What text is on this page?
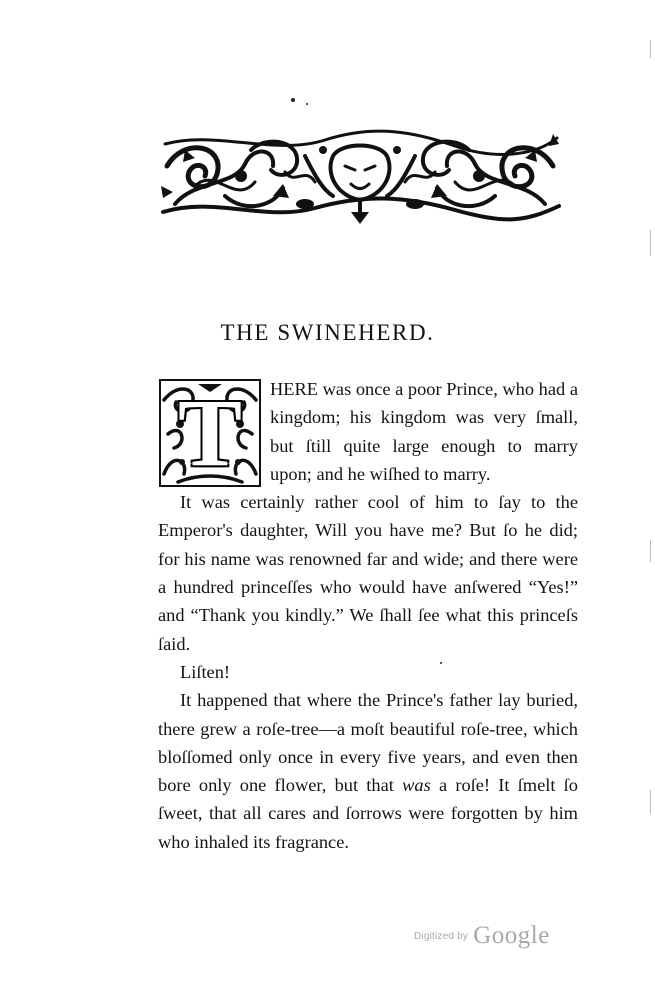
THE SWINEHERD.
T	HERE was once a poor Prince, who had a kingdom; his kingdom was very ſmall, but ſtill quite large enough to marry upon; and he wiſhed to marry.

It was certainly rather cool of him to ſay to the Emperor's daughter, Will you have me? But ſo he did; for his name was renowned far and wide; and there were a hundred princeſſes who would have anſwered “Yes!” and “Thank you kindly.” We ſhall ſee what this princeſs ſaid.

Liſten!

It happened that where the Prince's father lay buried, there grew a roſe-tree—a moſt beautiful roſe-tree, which bloſſomed only once in every five years, and even then bore only one flower, but that was a roſe! It ſmelt ſo ſweet, that all cares and ſorrows were forgotten by him who inhaled its fragrance.

$^{Digitized by}$ Google
